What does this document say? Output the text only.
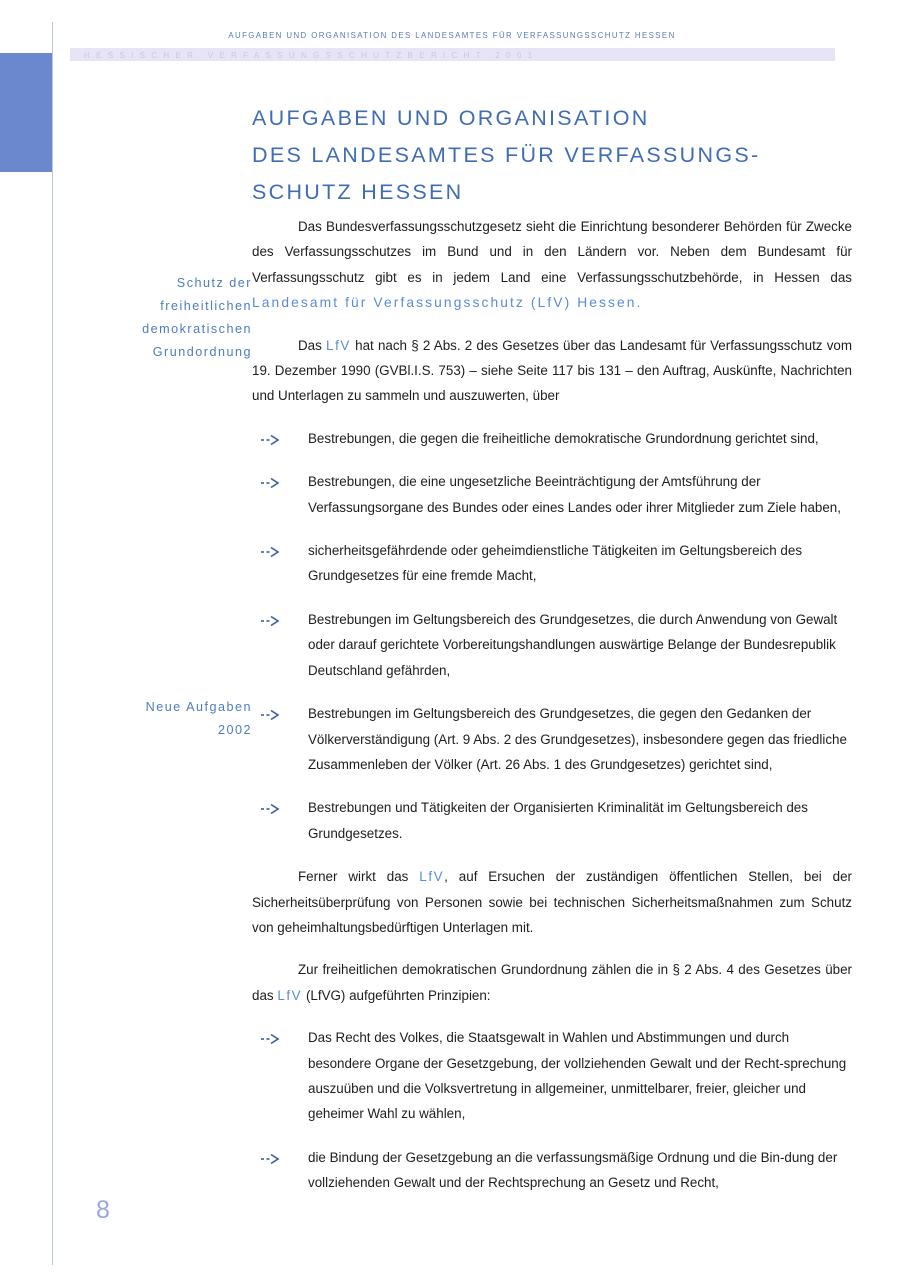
AUFGABEN UND ORGANISATION DES LANDESAMTES FÜR VERFASSUNGSSCHUTZ HESSEN
HESSISCHER VERFASSUNGSSCHUTZBERICHT 2001
AUFGABEN UND ORGANISATION
DES LANDESAMTES FÜR VERFASSUNGS-
SCHUTZ HESSEN
Schutz der
freiheitlichen
demokratischen
Grundordnung
Neue Aufgaben
2002

Das Bundesverfassungsschutzgesetz sieht die Einrichtung besonderer Behörden für Zwecke des Verfassungsschutzes im Bund und in den Ländern vor. Neben dem Bundesamt für Verfassungsschutz gibt es in jedem Land eine Verfassungsschutzbehörde, in Hessen das Landesamt für Verfassungsschutz (LfV) Hessen.

Das LfV hat nach § 2 Abs. 2 des Gesetzes über das Landesamt für Verfassungsschutz vom 19. Dezember 1990 (GVBl.I.S. 753) – siehe Seite 117 bis 131 – den Auftrag, Auskünfte, Nachrichten und Unterlagen zu sammeln und auszuwerten, über

Bestrebungen, die gegen die freiheitliche demokratische Grundordnung gerichtet sind,
Bestrebungen, die eine ungesetzliche Beeinträchtigung der Amtsführung der Verfassungsorgane des Bundes oder eines Landes oder ihrer Mitglieder zum Ziele haben,
sicherheitsgefährdende oder geheimdienstliche Tätigkeiten im Geltungsbereich des Grundgesetzes für eine fremde Macht,
Bestrebungen im Geltungsbereich des Grundgesetzes, die durch Anwendung von Gewalt oder darauf gerichtete Vorbereitungshandlungen auswärtige Belange der Bundesrepublik Deutschland gefährden,
Bestrebungen im Geltungsbereich des Grundgesetzes, die gegen den Gedanken der Völkerverständigung (Art. 9 Abs. 2 des Grundgesetzes), insbesondere gegen das friedliche Zusammenleben der Völker (Art. 26 Abs. 1 des Grundgesetzes) gerichtet sind,
Bestrebungen und Tätigkeiten der Organisierten Kriminalität im Geltungsbereich des Grundgesetzes.

Ferner wirkt das LfV, auf Ersuchen der zuständigen öffentlichen Stellen, bei der Sicherheitsüberprüfung von Personen sowie bei technischen Sicherheitsmaßnahmen zum Schutz von geheimhaltungsbedürftigen Unterlagen mit.

Zur freiheitlichen demokratischen Grundordnung zählen die in § 2 Abs. 4 des Gesetzes über das LfV (LfVG) aufgeführten Prinzipien:

Das Recht des Volkes, die Staatsgewalt in Wahlen und Abstimmungen und durch besondere Organe der Gesetzgebung, der vollziehenden Gewalt und der Recht-sprechung auszuüben und die Volksvertretung in allgemeiner, unmittelbarer, freier, gleicher und geheimer Wahl zu wählen,
die Bindung der Gesetzgebung an die verfassungsmäßige Ordnung und die Bin-dung der vollziehenden Gewalt und der Rechtsprechung an Gesetz und Recht,
8
